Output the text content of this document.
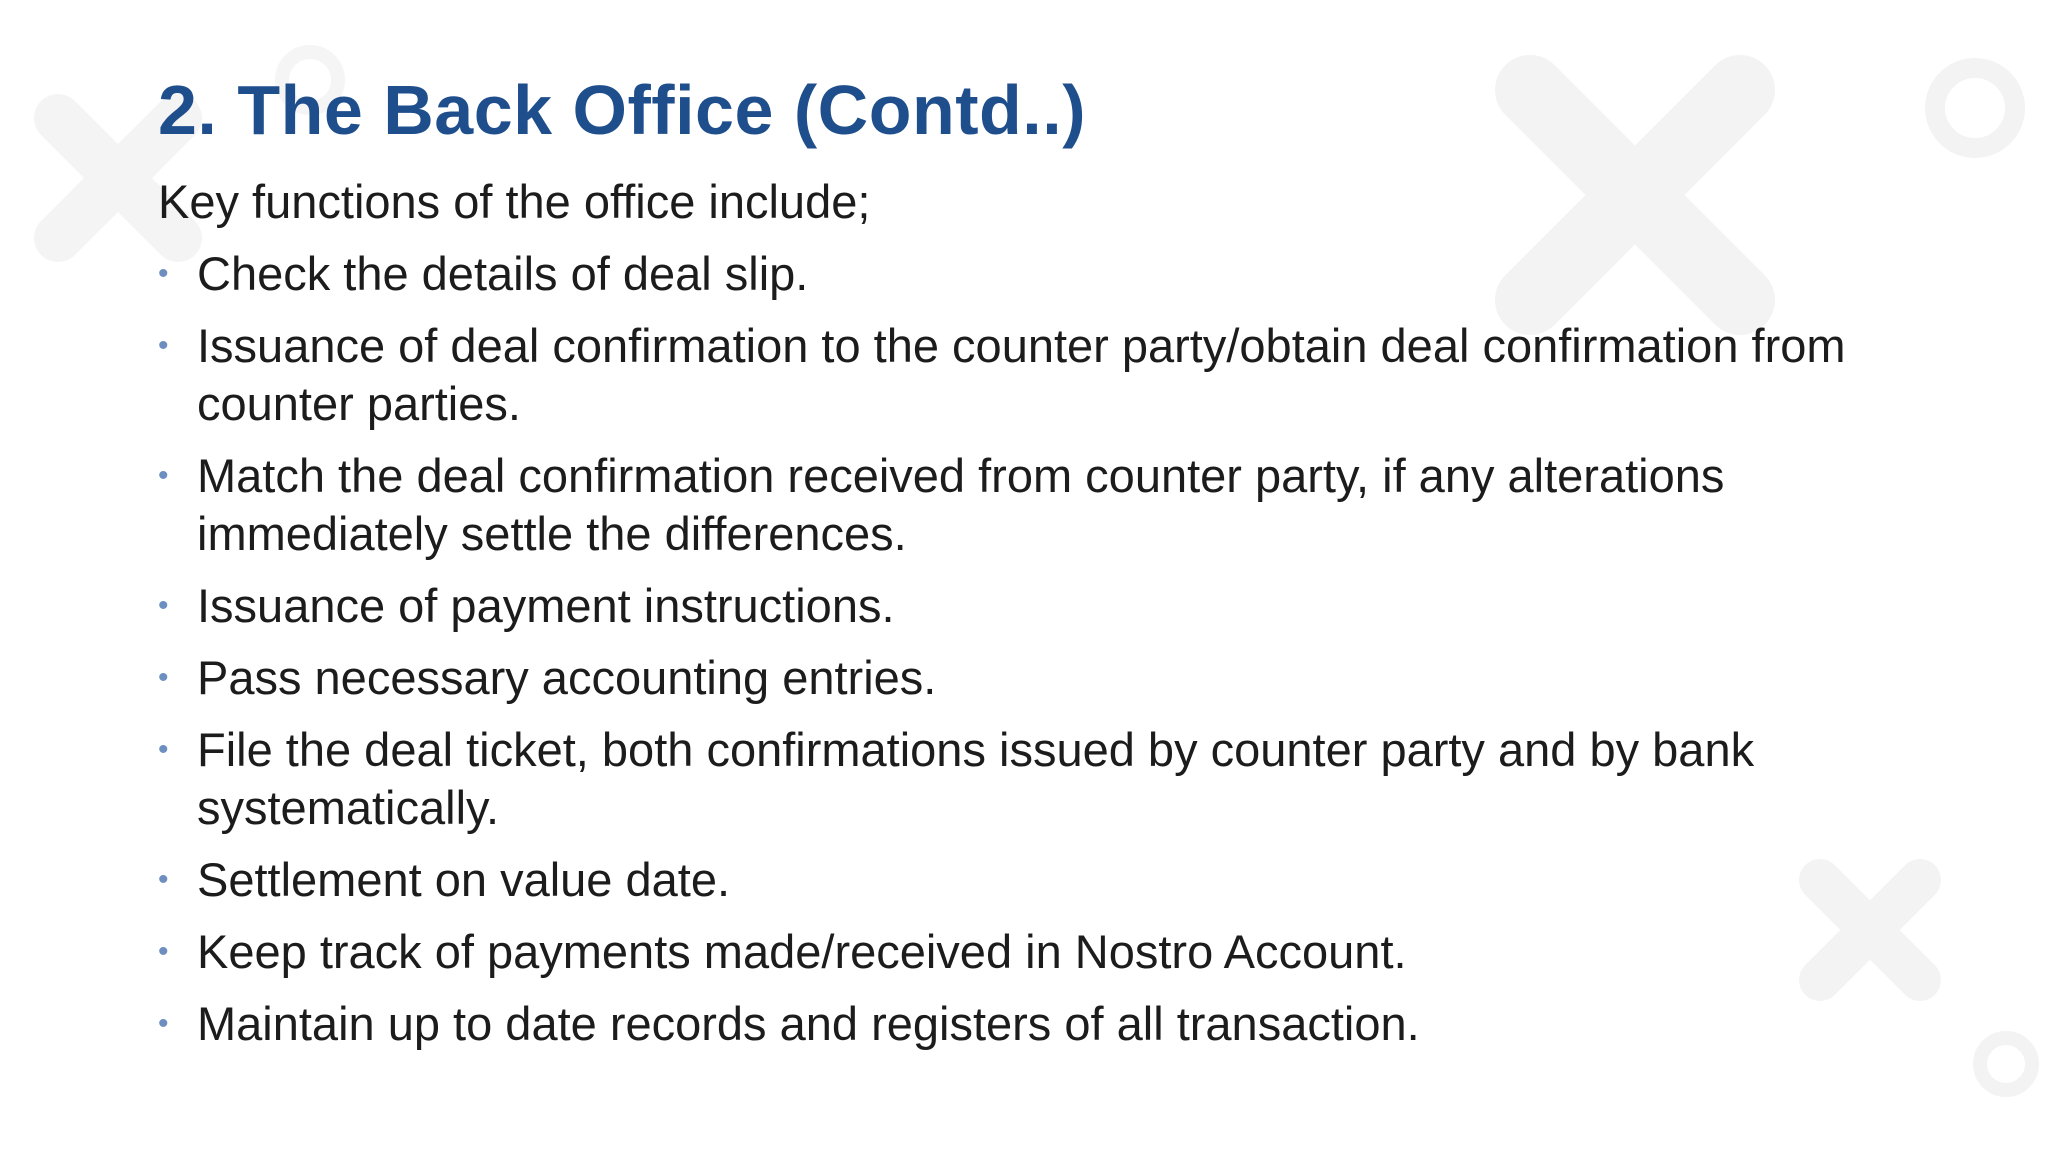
2. The Back Office (Contd..)

Key functions of the office include;

• Check the details of deal slip.
• Issuance of deal confirmation to the counter party/obtain deal confirmation from counter parties.
• Match the deal confirmation received from counter party, if any alterations immediately settle the differences.
• Issuance of payment instructions.
• Pass necessary accounting entries.
• File the deal ticket, both confirmations issued by counter party and by bank systematically.
• Settlement on value date.
• Keep track of payments made/received in Nostro Account.
• Maintain up to date records and registers of all transaction.
